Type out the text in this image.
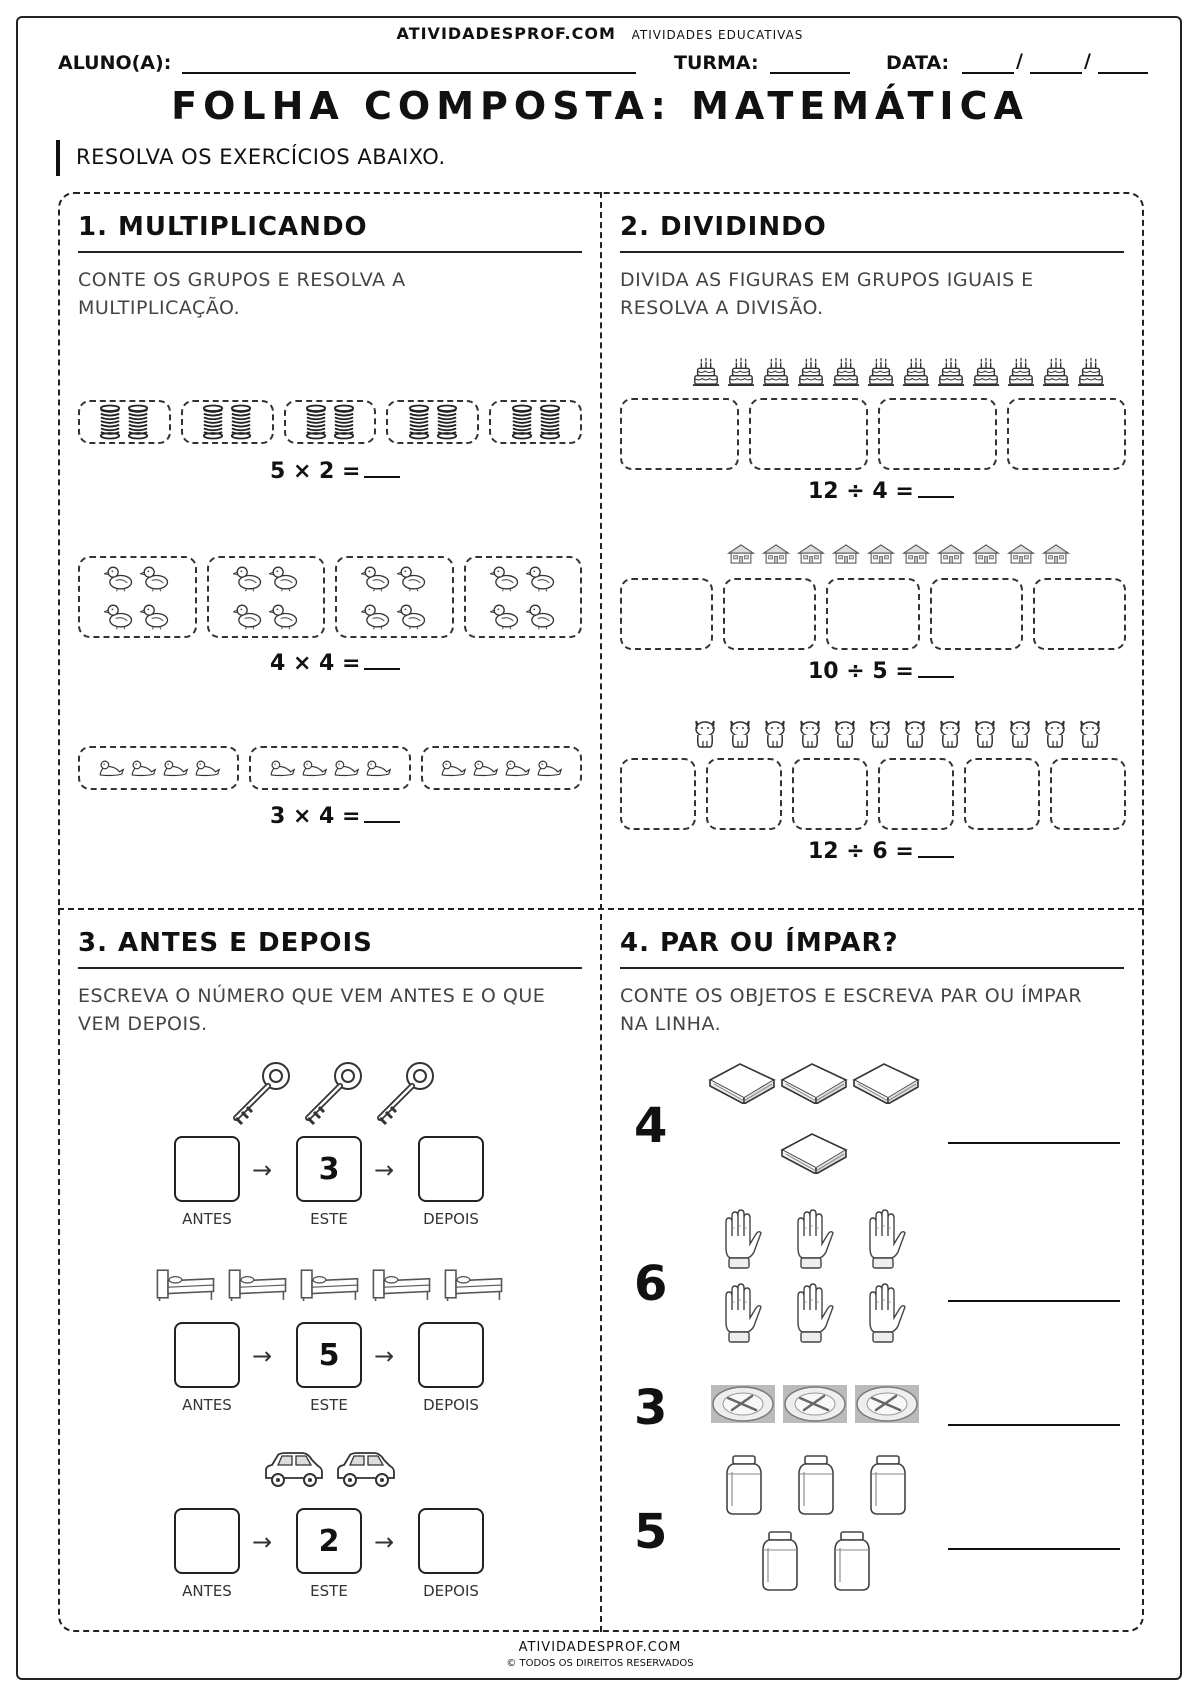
ATIVIDADESPROF.COM ATIVIDADES EDUCATIVAS
ALUNO(A):	TURMA:	DATA:	/	/
FOLHA COMPOSTA: MATEMÁTICA
RESOLVA OS EXERCÍCIOS ABAIXO.
1. MULTIPLICANDO
CONTE OS GRUPOS E RESOLVA A
MULTIPLICAÇÃO.
2. DIVIDINDO
DIVIDA AS FIGURAS EM GRUPOS IGUAIS E
RESOLVA A DIVISÃO.
3. ANTES E DEPOIS
ESCREVA O NÚMERO QUE VEM ANTES E O QUE
VEM DEPOIS.
4. PAR OU ÍMPAR?
CONTE OS OBJETOS E ESCREVA PAR OU ÍMPAR
NA LINHA.
5 × 2 =
4 × 4 =
3 × 4 =
12 ÷ 4 =
10 ÷ 5 =
12 ÷ 6 =
ANTES
3
ESTE	DEPOIS
→	→
ANTES
5
ESTE	DEPOIS
→	→
ANTES
2
ESTE	DEPOIS
→	→
4
6
3
5
ATIVIDADESPROF.COM
© TODOS OS DIREITOS RESERVADOS
